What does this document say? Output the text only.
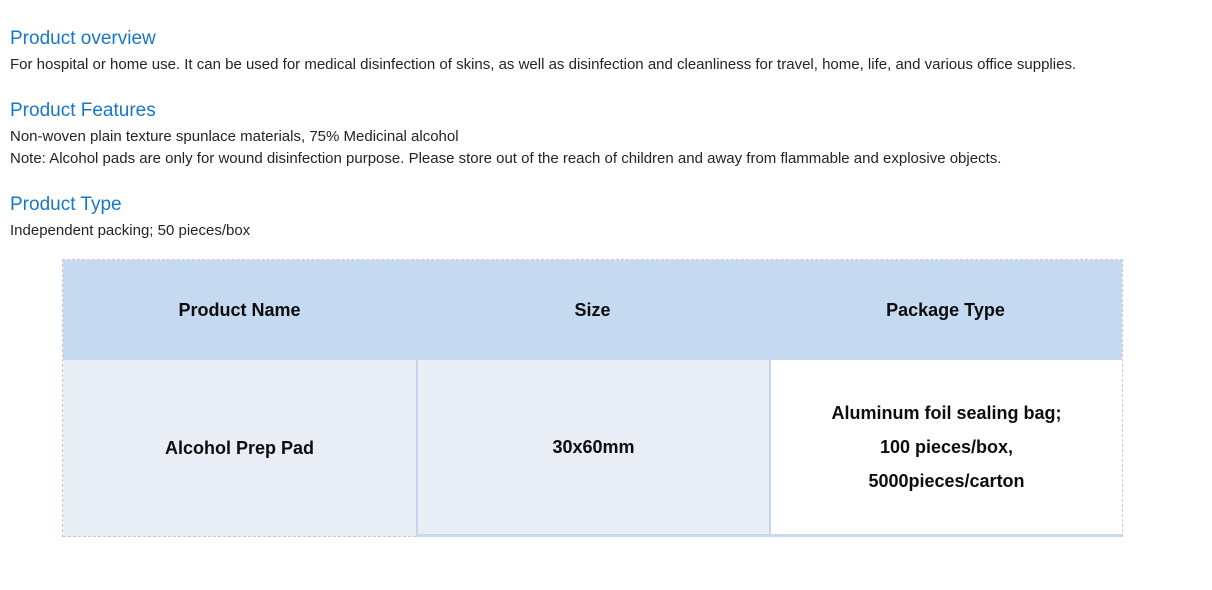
Product overview

For hospital or home use. It can be used for medical disinfection of skins, as well as disinfection and cleanliness for travel, home, life, and various office supplies.

Product Features

Non-woven plain texture spunlace materials, 75% Medicinal alcohol

Note: Alcohol pads are only for wound disinfection purpose. Please store out of the reach of children and away from flammable and explosive objects.

Product Type

Independent packing; 50 pieces/box

Product Name	Size	Package Type
Alcohol Prep Pad	30x60mm
Aluminum foil sealing bag;
100 pieces/box,
5000pieces/carton
